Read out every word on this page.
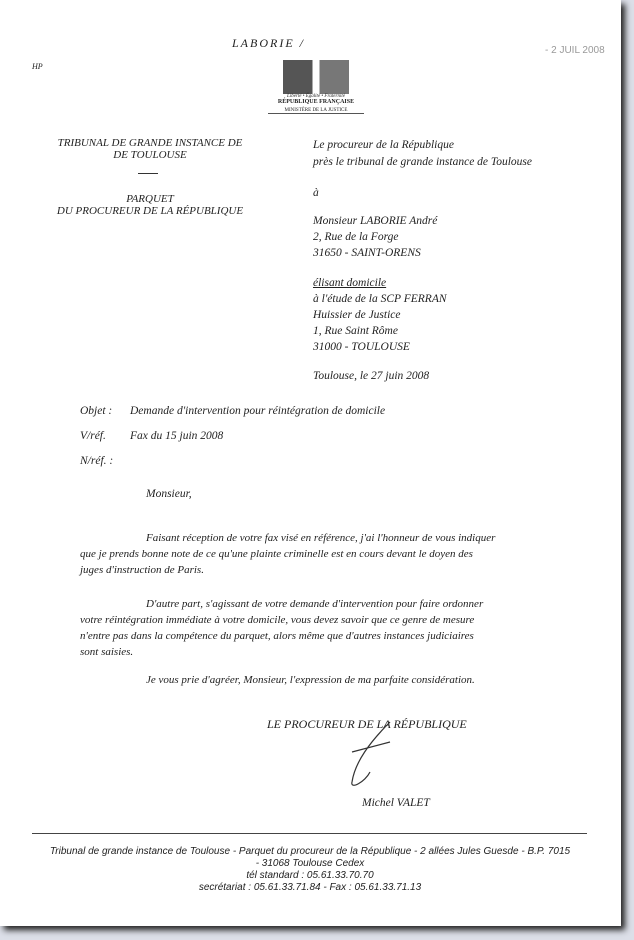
LABORIE /
- 2 JUIL 2008
HP
Liberté • Égalité • Fraternité
RÉPUBLIQUE FRANÇAISE
MINISTÈRE DE LA JUSTICE
TRIBUNAL DE GRANDE INSTANCE DE
DE TOULOUSE
PARQUET
DU PROCUREUR DE LA RÉPUBLIQUE
Le procureur de la République
près le tribunal de grande instance de Toulouse
à
Monsieur LABORIE André
2, Rue de la Forge
31650 - SAINT-ORENS
élisant domicile
à l'étude de la SCP FERRAN
Huissier de Justice
1, Rue Saint Rôme
31000 - TOULOUSE
Toulouse, le 27 juin 2008
Objet : Demande d'intervention pour réintégration de domicile
V/réf. Fax du 15 juin 2008
N/réf. :
Monsieur,
Faisant réception de votre fax visé en référence, j'ai l'honneur de vous indiquer
que je prends bonne note de ce qu'une plainte criminelle est en cours devant le doyen des
juges d'instruction de Paris.
D'autre part, s'agissant de votre demande d'intervention pour faire ordonner
votre réintégration immédiate à votre domicile, vous devez savoir que ce genre de mesure
n'entre pas dans la compétence du parquet, alors même que d'autres instances judiciaires
sont saisies.
Je vous prie d'agréer, Monsieur, l'expression de ma parfaite considération.
LE PROCUREUR DE LA RÉPUBLIQUE
Michel VALET
Tribunal de grande instance de Toulouse - Parquet du procureur de la République - 2 allées Jules Guesde - B.P. 7015
- 31068 Toulouse Cedex
tél standard : 05.61.33.70.70
secrétariat : 05.61.33.71.84 - Fax : 05.61.33.71.13
